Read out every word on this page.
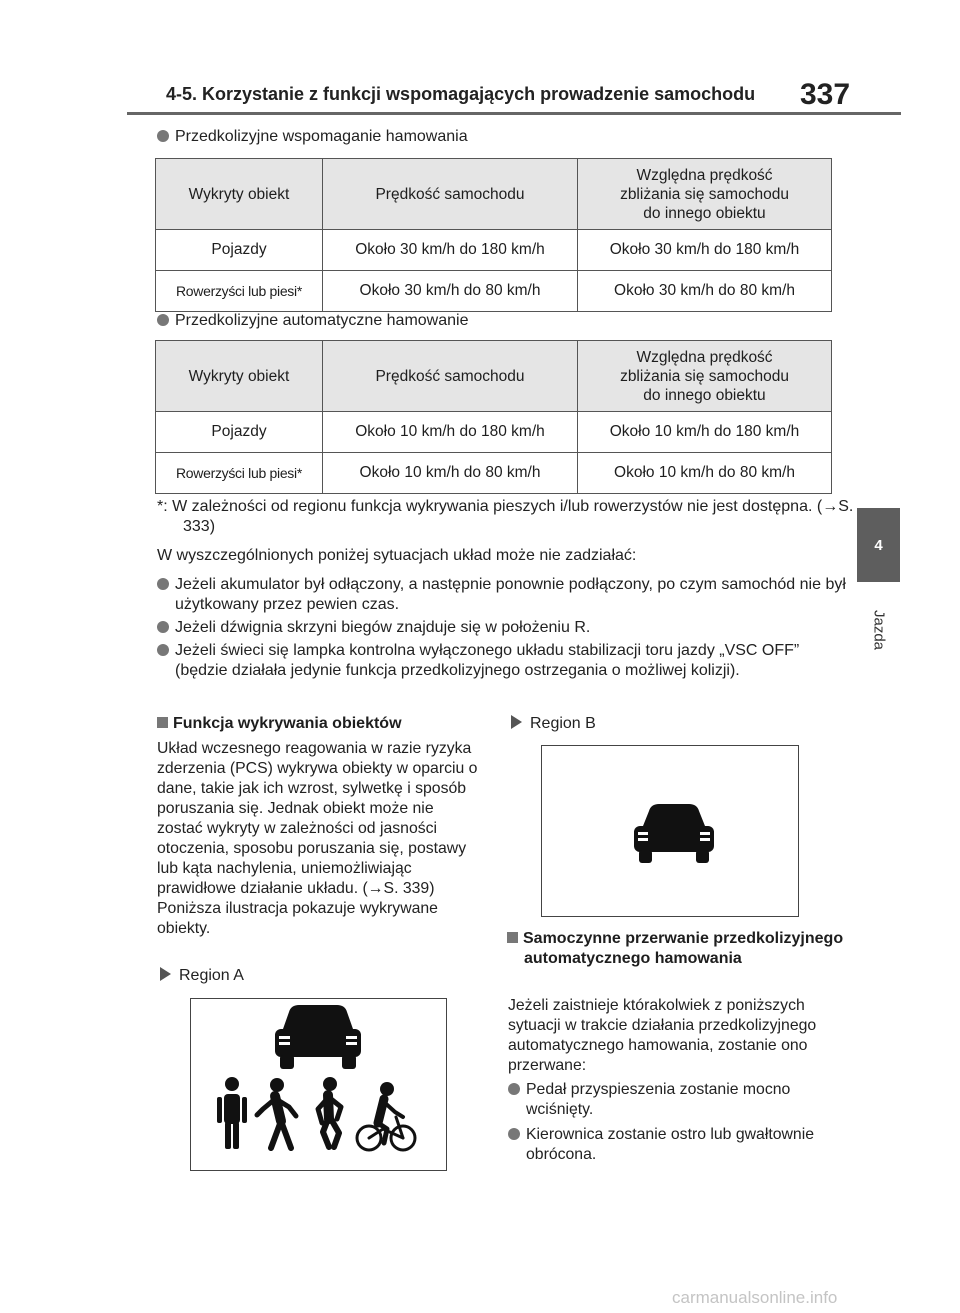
4-5. Korzystanie z funkcji wspomagających prowadzenie samochodu	337
4
Jazda
Przedkolizyjne wspomaganie hamowania
Wykryty obiekt	Prędkość samochodu	Względna prędkość
zbliżania się samochodu
do innego obiektu
Pojazdy	Około 30 km/h do 180 km/h	Około 30 km/h do 180 km/h
Rowerzyści lub piesi*	Około 30 km/h do 80 km/h	Około 30 km/h do 80 km/h
Przedkolizyjne automatyczne hamowanie
Wykryty obiekt	Prędkość samochodu	Względna prędkość
zbliżania się samochodu
do innego obiektu
Pojazdy	Około 10 km/h do 180 km/h	Około 10 km/h do 180 km/h
Rowerzyści lub piesi*	Około 10 km/h do 80 km/h	Około 10 km/h do 80 km/h
*: W zależności od regionu funkcja wykrywania pieszych i/lub rowerzystów nie jest dostępna. (→S. 333)
W wyszczególnionych poniżej sytuacjach układ może nie zadziałać:
Jeżeli akumulator był odłączony, a następnie ponownie podłączony, po czym samochód nie był użytkowany przez pewien czas.
Jeżeli dźwignia skrzyni biegów znajduje się w położeniu R.
Jeżeli świeci się lampka kontrolna wyłączonego układu stabilizacji toru jazdy „VSC OFF” (będzie działała jedynie funkcja przedkolizyjnego ostrzegania o możliwej kolizji).
Funkcja wykrywania obiektów
Układ wczesnego reagowania w razie ryzyka zderzenia (PCS) wykrywa obiekty w oparciu o dane, takie jak ich wzrost, sylwetkę i sposób poruszania się. Jednak obiekt może nie zostać wykryty w zależności od jasności otoczenia, sposobu poruszania się, postawy lub kąta nachylenia, uniemożliwiając prawidłowe działanie układu. (→S. 339) Poniższa ilustracja pokazuje wykrywane obiekty.
Region A
Region B
Samoczynne przerwanie przedkolizyjnego automatycznego hamowania
Jeżeli zaistnieje którakolwiek z poniższych sytuacji w trakcie działania przedkolizyjnego automatycznego hamowania, zostanie ono przerwane:
Pedał przyspieszenia zostanie mocno wciśnięty.
Kierownica zostanie ostro lub gwałtownie obrócona.
carmanualsonline.info
